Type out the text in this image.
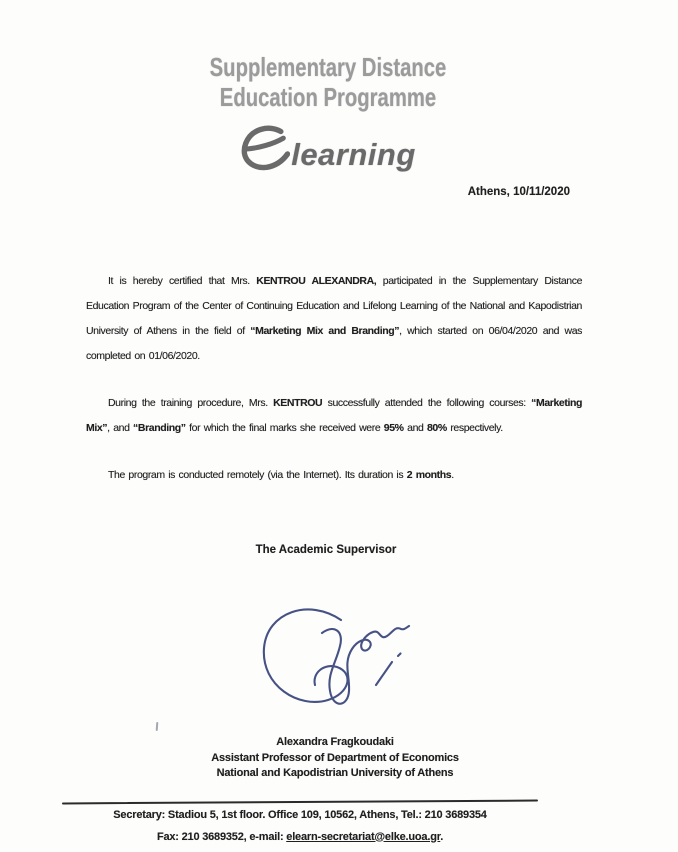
Supplementary Distance
Education Programme
learning
Athens, 10/11/2020

It is hereby certified that Mrs. KENTROU ALEXANDRA, participated in the Supplementary Distance Education Program of the Center of Continuing Education and Lifelong Learning of the National and Kapodistrian University of Athens in the field of “Marketing Mix and Branding”, which started on 06/04/2020 and was completed on 01/06/2020.

During the training procedure, Mrs. KENTROU successfully attended the following courses: “Marketing Mix”, and “Branding” for which the final marks she received were 95% and 80% respectively.

The program is conducted remotely (via the Internet). Its duration is 2 months.

The Academic Supervisor
Alexandra Fragkoudaki
Assistant Professor of Department of Economics
National and Kapodistrian University of Athens
Secretary: Stadiou 5, 1st floor. Office 109, 10562, Athens, Tel.: 210 3689354
Fax: 210 3689352, e-mail: elearn-secretariat@elke.uoa.gr.
